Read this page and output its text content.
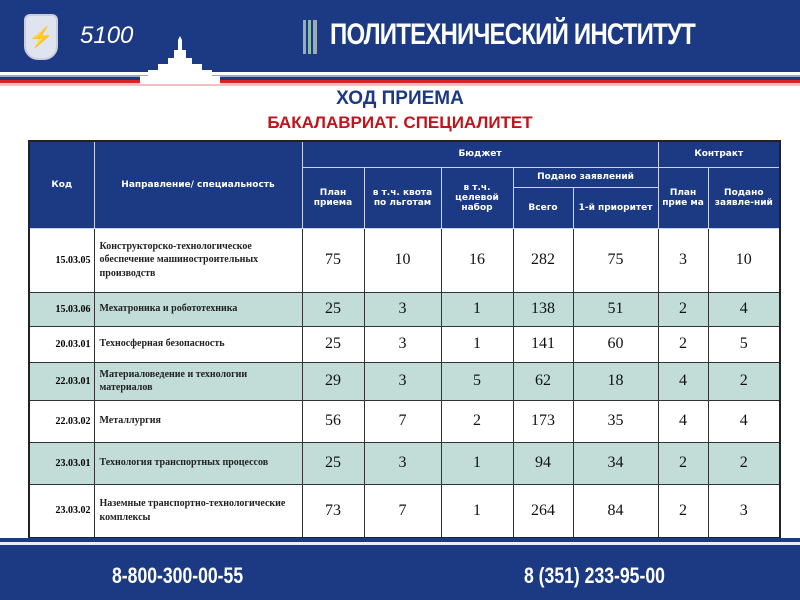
⚡ 5100	ПОЛИТЕХНИЧЕСКИЙ ИНСТИТУТ
ХОД ПРИЕМА
БАКАЛАВРИАТ. СПЕЦИАЛИТЕТ
Код	Направление/ специальность	Бюджет					Контракт	
		План приема	в т.ч. квота по льготам	в т.ч. целевой набор	Подано заявлений		План прие ма	Подано заявле-ний
					Всего	1-й приоритет		
15.03.05	Конструкторско-технологическое обеспечение машиностроительных производств	75	10	16	282	75	3	10
15.03.06	Мехатроника и робототехника	25	3	1	138	51	2	4
20.03.01	Техносферная безопасность	25	3	1	141	60	2	5
22.03.01	Материаловедение и технологии материалов	29	3	5	62	18	4	2
22.03.02	Металлургия	56	7	2	173	35	4	4
23.03.01	Технология транспортных процессов	25	3	1	94	34	2	2
23.03.02	Наземные транспортно-технологические комплексы	73	7	1	264	84	2	3
8-800-300-00-55	8 (351) 233-95-00
